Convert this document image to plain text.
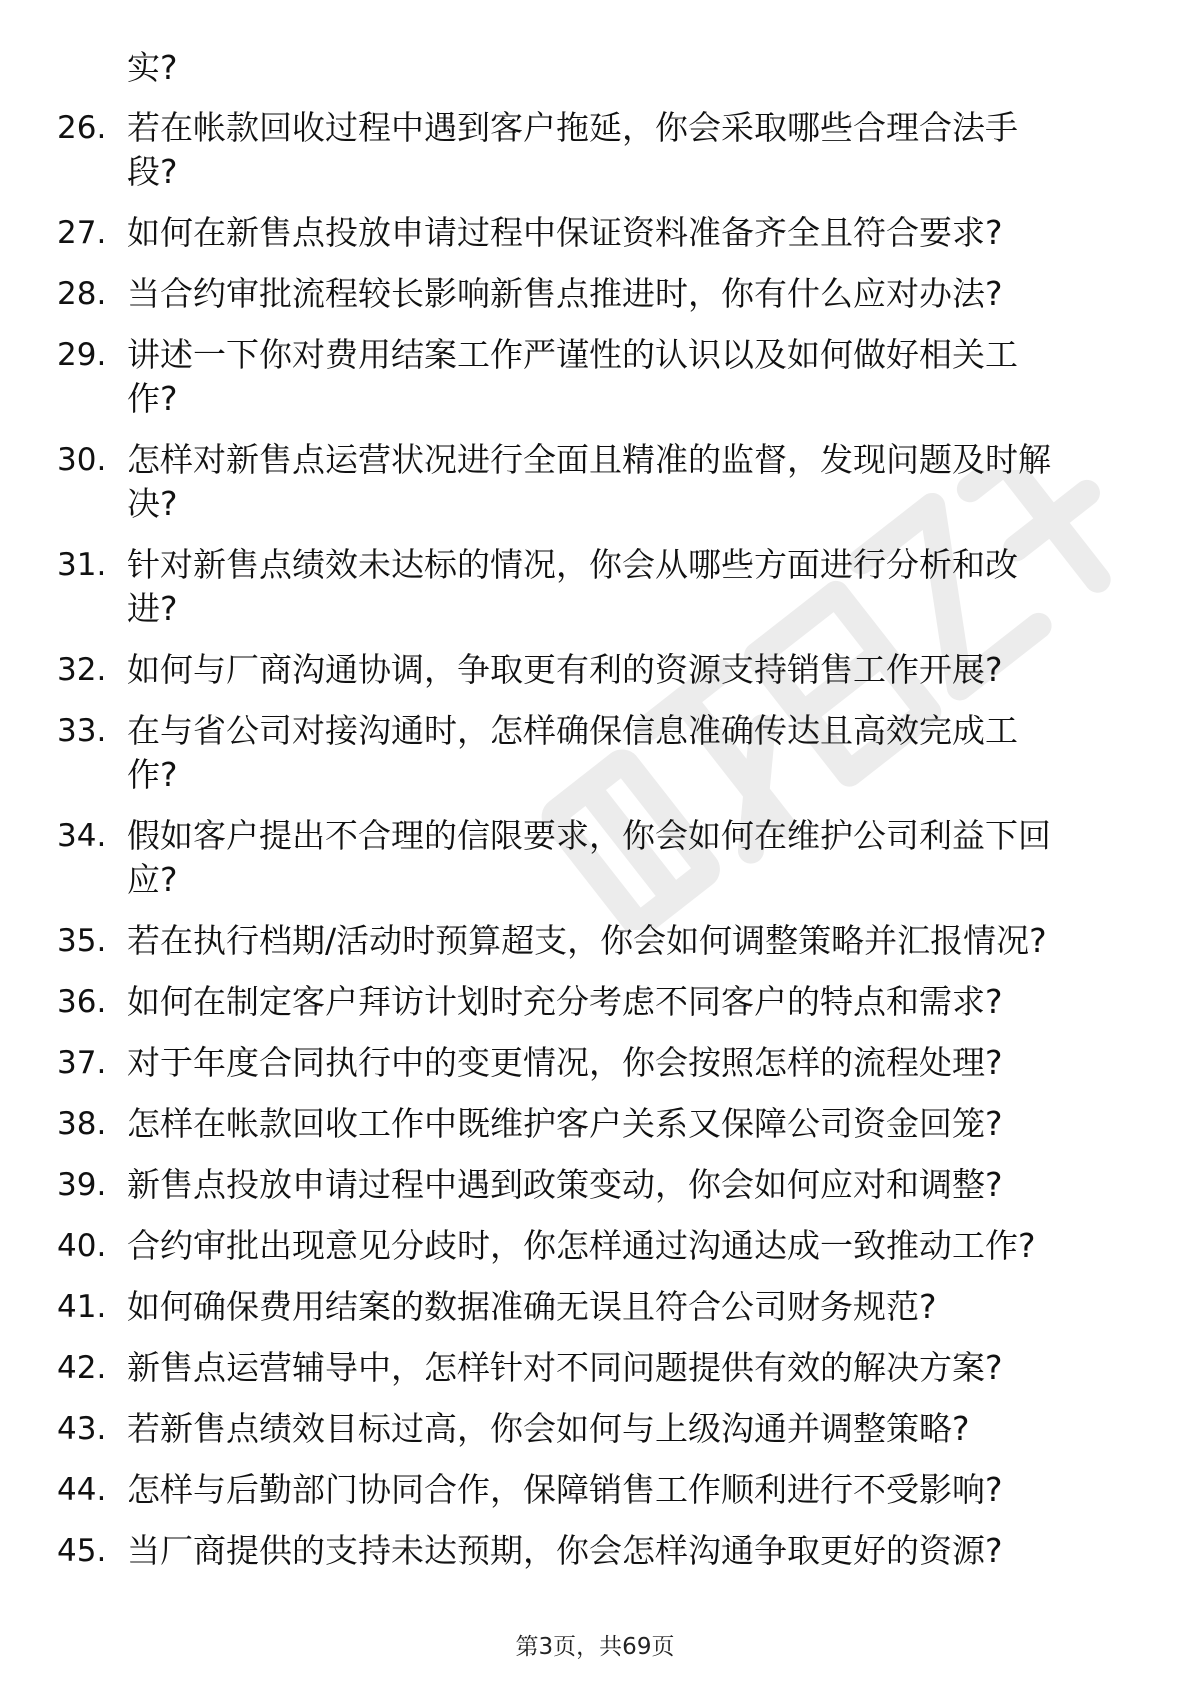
实?
26. 若在帐款回收过程中遇到客户拖延，你会采取哪些合理合法手
段?
27. 如何在新售点投放申请过程中保证资料准备齐全且符合要求?
28. 当合约审批流程较长影响新售点推进时，你有什么应对办法?
29. 讲述一下你对费用结案工作严谨性的认识以及如何做好相关工
作?
30. 怎样对新售点运营状况进行全面且精准的监督，发现问题及时解
决?
31. 针对新售点绩效未达标的情况，你会从哪些方面进行分析和改
进?
32. 如何与厂商沟通协调，争取更有利的资源支持销售工作开展?
33. 在与省公司对接沟通时，怎样确保信息准确传达且高效完成工
作?
34. 假如客户提出不合理的信限要求，你会如何在维护公司利益下回
应?
35. 若在执行档期/活动时预算超支，你会如何调整策略并汇报情况?
36. 如何在制定客户拜访计划时充分考虑不同客户的特点和需求?
37. 对于年度合同执行中的变更情况，你会按照怎样的流程处理?
38. 怎样在帐款回收工作中既维护客户关系又保障公司资金回笼?
39. 新售点投放申请过程中遇到政策变动，你会如何应对和调整?
40. 合约审批出现意见分歧时，你怎样通过沟通达成一致推动工作?
41. 如何确保费用结案的数据准确无误且符合公司财务规范?
42. 新售点运营辅导中，怎样针对不同问题提供有效的解决方案?
43. 若新售点绩效目标过高，你会如何与上级沟通并调整策略?
44. 怎样与后勤部门协同合作，保障销售工作顺利进行不受影响?
45. 当厂商提供的支持未达预期，你会怎样沟通争取更好的资源?
第3页，共69页
